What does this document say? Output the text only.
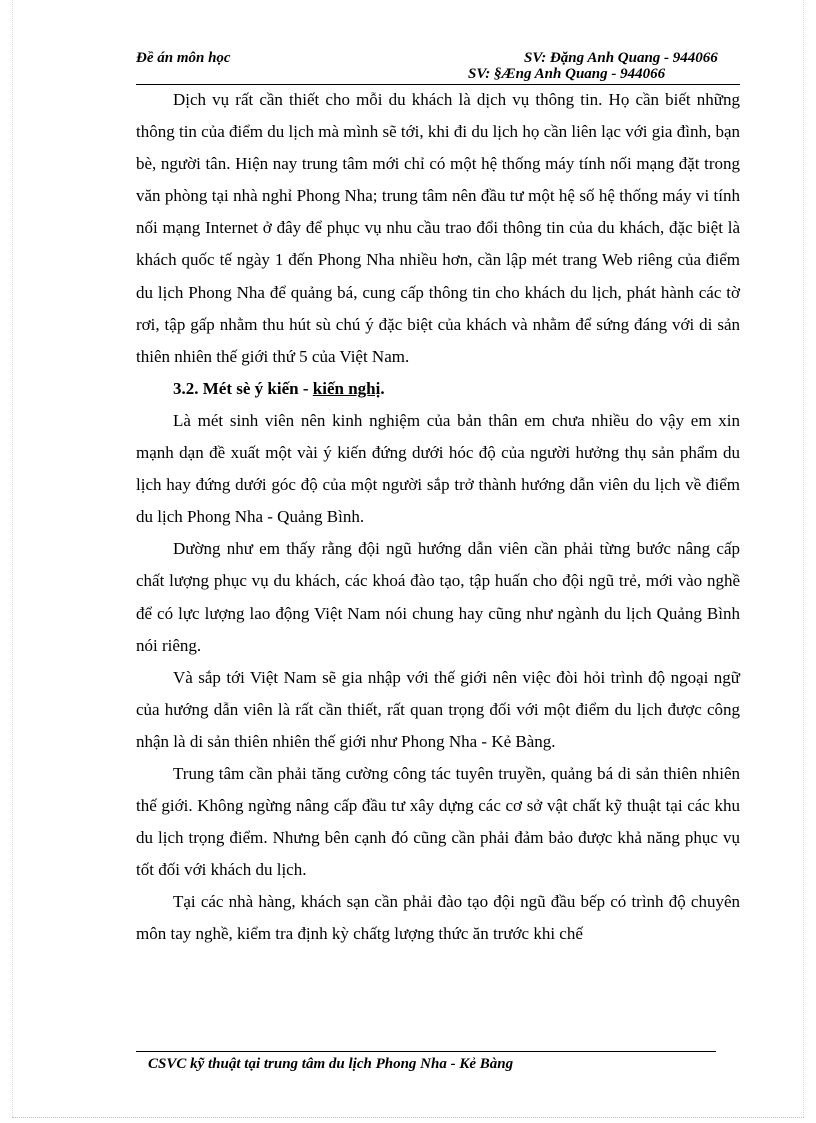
Đề án môn học	SV: Đặng Anh Quang - 944066
SV: §Æng Anh Quang - 944066

Dịch vụ rất cần thiết cho mỗi du khách là dịch vụ thông tin. Họ cần biết những thông tin của điểm du lịch mà mình sẽ tới, khi đi du lịch họ cần liên lạc với gia đình, bạn bè, người tân. Hiện nay trung tâm mới chỉ có một hệ thống máy tính nối mạng đặt trong văn phòng tại nhà nghỉ Phong Nha; trung tâm nên đầu tư một hệ số hệ thống máy vi tính nối mạng Internet ở đây để phục vụ nhu cầu trao đổi thông tin của du khách, đặc biệt là khách quốc tế ngày 1 đến Phong Nha nhiều hơn, cần lập mét trang Web riêng của điểm du lịch Phong Nha để quảng bá, cung cấp thông tin cho khách du lịch, phát hành các tờ rơi, tập gấp nhằm thu hút sù chú ý đặc biệt của khách và nhằm để sứng đáng với di sản thiên nhiên thế giới thứ 5 của Việt Nam.

3.2. Mét sè ý kiến - kiến nghị.

Là mét sinh viên nên kinh nghiệm của bản thân em chưa nhiều do vậy em xin mạnh dạn đề xuất một vài ý kiến đứng dưới hóc độ của người hưởng thụ sản phẩm du lịch hay đứng dưới góc độ của một người sắp trở thành hướng dẫn viên du lịch về điểm du lịch Phong Nha - Quảng Bình.

Dường như em thấy rằng đội ngũ hướng dẫn viên cần phải từng bước nâng cấp chất lượng phục vụ du khách, các khoá đào tạo, tập huấn cho đội ngũ trẻ, mới vào nghề để có lực lượng lao động Việt Nam nói chung hay cũng như ngành du lịch Quảng Bình nói riêng.

Và sắp tới Việt Nam sẽ gia nhập với thế giới nên việc đòi hỏi trình độ ngoại ngữ của hướng dẫn viên là rất cần thiết, rất quan trọng đối với một điểm du lịch được công nhận là di sản thiên nhiên thế giới như Phong Nha - Kẻ Bàng.

Trung tâm cần phải tăng cường công tác tuyên truyền, quảng bá di sản thiên nhiên thế giới. Không ngừng nâng cấp đầu tư xây dựng các cơ sở vật chất kỹ thuật tại các khu du lịch trọng điểm. Nhưng bên cạnh đó cũng cần phải đảm bảo được khả năng phục vụ tốt đối với khách du lịch.

Tại các nhà hàng, khách sạn cần phải đào tạo đội ngũ đầu bếp có trình độ chuyên môn tay nghề, kiểm tra định kỳ chấtg lượng thức ăn trước khi chế

CSVC kỹ thuật tại trung tâm du lịch Phong Nha - Kẻ Bàng
